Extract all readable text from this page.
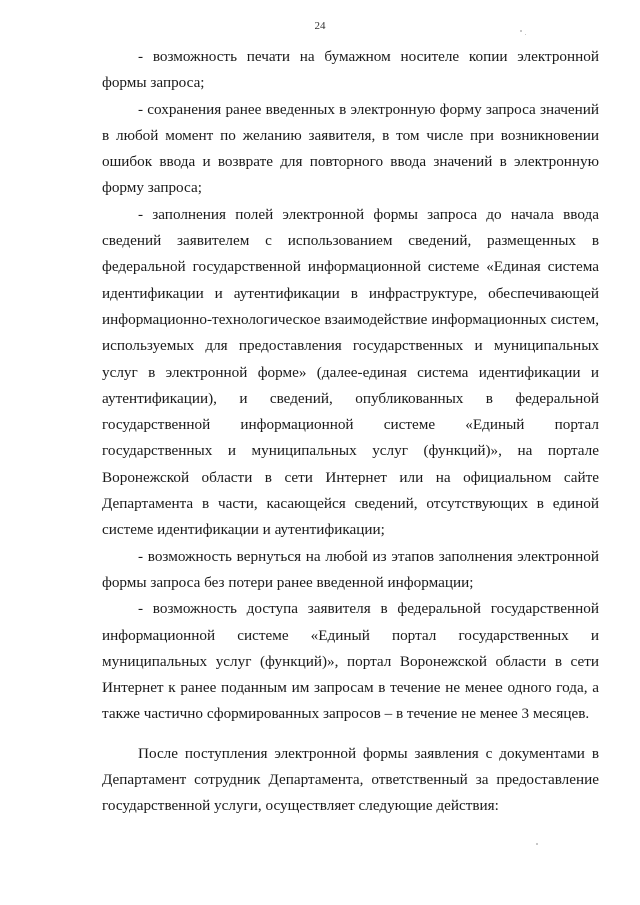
24

- возможность печати на бумажном носителе копии электронной формы запроса;

- сохранения ранее введенных в электронную форму запроса значений в любой момент по желанию заявителя, в том числе при возникновении ошибок ввода и возврате для повторного ввода значений в электронную форму запроса;

- заполнения полей электронной формы запроса до начала ввода сведений заявителем с использованием сведений, размещенных в федеральной государственной информационной системе «Единая система идентификации и аутентификации в инфраструктуре, обеспечивающей информационно-технологическое взаимодействие информационных систем, используемых для предоставления государственных и муниципальных услуг в электронной форме» (далее-единая система идентификации и аутентификации), и сведений, опубликованных в федеральной государственной информационной системе «Единый портал государственных и муниципальных услуг (функций)», на портале Воронежской области в сети Интернет или на официальном сайте Департамента в части, касающейся сведений, отсутствующих в единой системе идентификации и аутентификации;

- возможность вернуться на любой из этапов заполнения электронной формы запроса без потери ранее введенной информации;

- возможность доступа заявителя в федеральной государственной информационной системе «Единый портал государственных и муниципальных услуг (функций)», портал Воронежской области в сети Интернет к ранее поданным им запросам в течение не менее одного года, а также частично сформированных запросов – в течение не менее 3 месяцев.

После поступления электронной формы заявления с документами в Департамент сотрудник Департамента, ответственный за предоставление государственной услуги, осуществляет следующие действия:
